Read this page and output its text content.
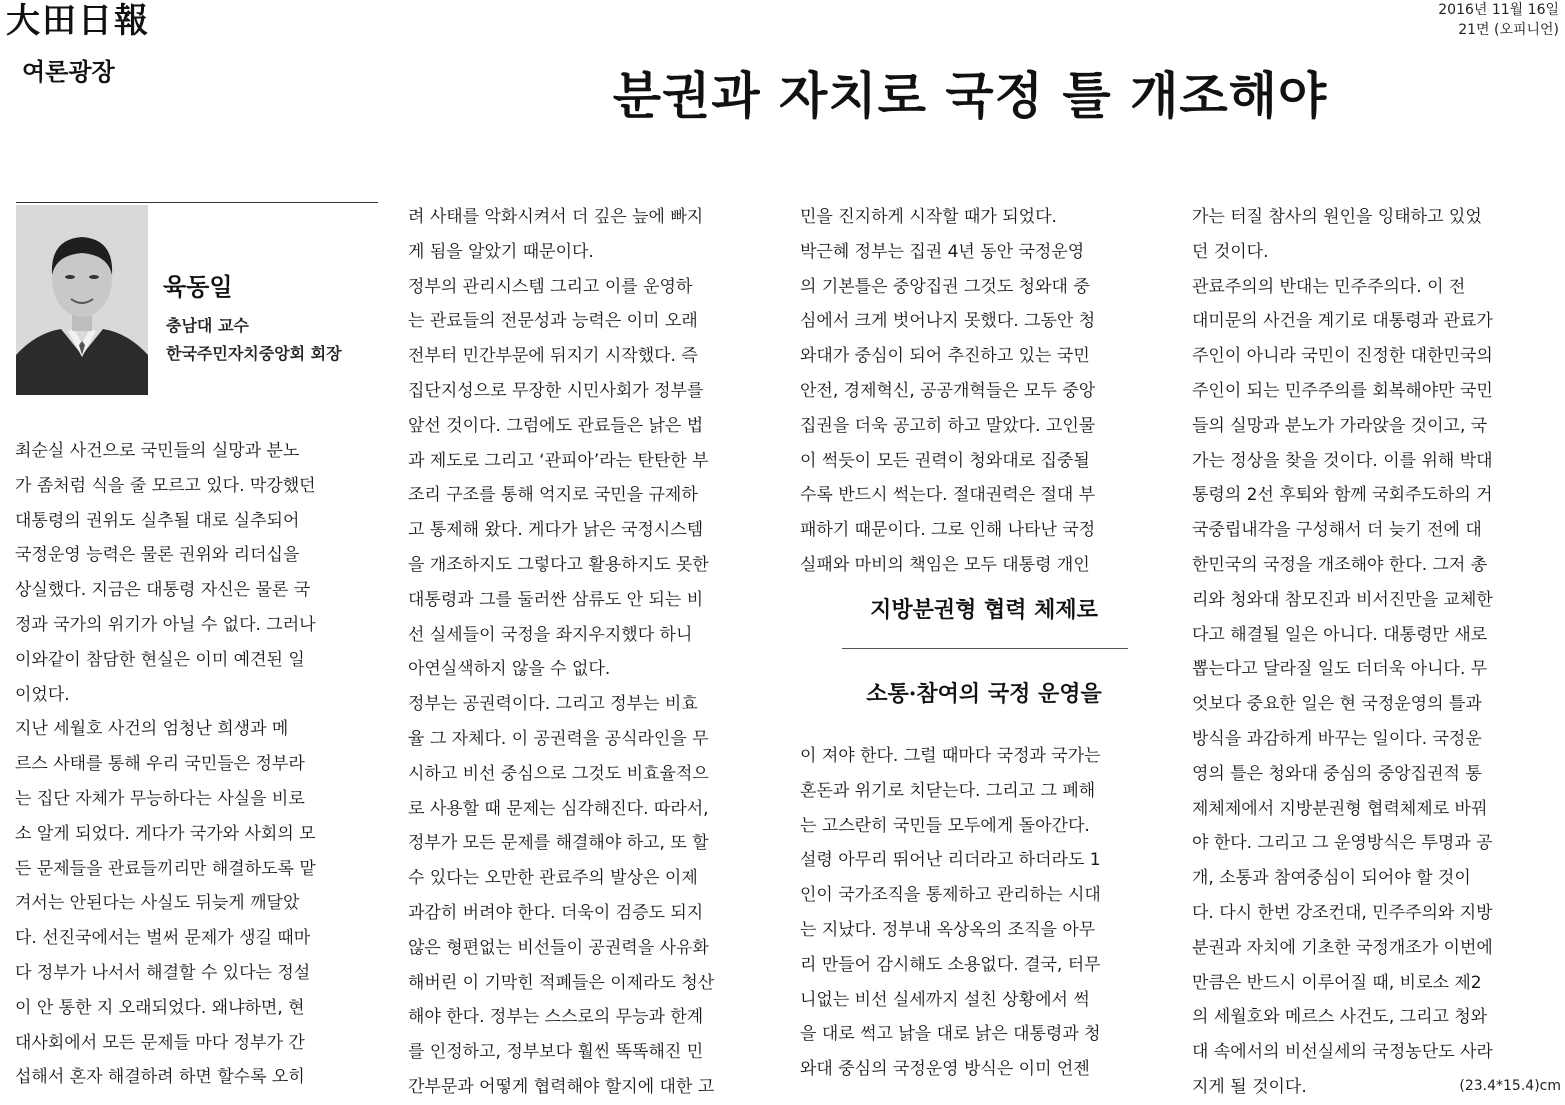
大田日報
여론광장
2016년 11월 16일
21면 (오피니언)
분권과 자치로 국정 틀 개조해야
육동일
충남대 교수
한국주민자치중앙회 회장

최순실 사건으로 국민들의 실망과 분노

가 좀처럼 식을 줄 모르고 있다. 막강했던

대통령의 권위도 실추될 대로 실추되어

국정운영 능력은 물론 권위와 리더십을

상실했다. 지금은 대통령 자신은 물론 국

정과 국가의 위기가 아닐 수 없다. 그러나

이와같이 참담한 현실은 이미 예견된 일

이었다.

지난 세월호 사건의 엄청난 희생과 메

르스 사태를 통해 우리 국민들은 정부라

는 집단 자체가 무능하다는 사실을 비로

소 알게 되었다. 게다가 국가와 사회의 모

든 문제들을 관료들끼리만 해결하도록 맡

겨서는 안된다는 사실도 뒤늦게 깨달았

다. 선진국에서는 벌써 문제가 생길 때마

다 정부가 나서서 해결할 수 있다는 정설

이 안 통한 지 오래되었다. 왜냐하면, 현

대사회에서 모든 문제들 마다 정부가 간

섭해서 혼자 해결하려 하면 할수록 오히

려 사태를 악화시켜서 더 깊은 늪에 빠지

게 됨을 알았기 때문이다.

정부의 관리시스템 그리고 이를 운영하

는 관료들의 전문성과 능력은 이미 오래

전부터 민간부문에 뒤지기 시작했다. 즉

집단지성으로 무장한 시민사회가 정부를

앞선 것이다. 그럼에도 관료들은 낡은 법

과 제도로 그리고 ‘관피아’라는 탄탄한 부

조리 구조를 통해 억지로 국민을 규제하

고 통제해 왔다. 게다가 낡은 국정시스템

을 개조하지도 그렇다고 활용하지도 못한

대통령과 그를 둘러싼 삼류도 안 되는 비

선 실세들이 국정을 좌지우지했다 하니

아연실색하지 않을 수 없다.

정부는 공권력이다. 그리고 정부는 비효

율 그 자체다. 이 공권력을 공식라인을 무

시하고 비선 중심으로 그것도 비효율적으

로 사용할 때 문제는 심각해진다. 따라서,

정부가 모든 문제를 해결해야 하고, 또 할

수 있다는 오만한 관료주의 발상은 이제

과감히 버려야 한다. 더욱이 검증도 되지

않은 형편없는 비선들이 공권력을 사유화

해버린 이 기막힌 적폐들은 이제라도 청산

해야 한다. 정부는 스스로의 무능과 한계

를 인정하고, 정부보다 훨씬 똑똑해진 민

간부문과 어떻게 협력해야 할지에 대한 고

민을 진지하게 시작할 때가 되었다.

박근혜 정부는 집권 4년 동안 국정운영

의 기본틀은 중앙집권 그것도 청와대 중

심에서 크게 벗어나지 못했다. 그동안 청

와대가 중심이 되어 추진하고 있는 국민

안전, 경제혁신, 공공개혁들은 모두 중앙

집권을 더욱 공고히 하고 말았다. 고인물

이 썩듯이 모든 권력이 청와대로 집중될

수록 반드시 썩는다. 절대권력은 절대 부

패하기 때문이다. 그로 인해 나타난 국정

실패와 마비의 책임은 모두 대통령 개인

지방분권형 협력 체제로
소통·참여의 국정 운영을

이 져야 한다. 그럴 때마다 국정과 국가는

혼돈과 위기로 치닫는다. 그리고 그 폐해

는 고스란히 국민들 모두에게 돌아간다.

설령 아무리 뛰어난 리더라고 하더라도 1

인이 국가조직을 통제하고 관리하는 시대

는 지났다. 정부내 옥상옥의 조직을 아무

리 만들어 감시해도 소용없다. 결국, 터무

니없는 비선 실세까지 설친 상황에서 썩

을 대로 썩고 낡을 대로 낡은 대통령과 청

와대 중심의 국정운영 방식은 이미 언젠

가는 터질 참사의 원인을 잉태하고 있었

던 것이다.

관료주의의 반대는 민주주의다. 이 전

대미문의 사건을 계기로 대통령과 관료가

주인이 아니라 국민이 진정한 대한민국의

주인이 되는 민주주의를 회복해야만 국민

들의 실망과 분노가 가라앉을 것이고, 국

가는 정상을 찾을 것이다. 이를 위해 박대

통령의 2선 후퇴와 함께 국회주도하의 거

국중립내각을 구성해서 더 늦기 전에 대

한민국의 국정을 개조해야 한다. 그저 총

리와 청와대 참모진과 비서진만을 교체한

다고 해결될 일은 아니다. 대통령만 새로

뽑는다고 달라질 일도 더더욱 아니다. 무

엇보다 중요한 일은 현 국정운영의 틀과

방식을 과감하게 바꾸는 일이다. 국정운

영의 틀은 청와대 중심의 중앙집권적 통

제체제에서 지방분권형 협력체제로 바꿔

야 한다. 그리고 그 운영방식은 투명과 공

개, 소통과 참여중심이 되어야 할 것이

다. 다시 한번 강조컨대, 민주주의와 지방

분권과 자치에 기초한 국정개조가 이번에

만큼은 반드시 이루어질 때, 비로소 제2

의 세월호와 메르스 사건도, 그리고 청와

대 속에서의 비선실세의 국정농단도 사라

지게 될 것이다.	(23.4*15.4)cm
